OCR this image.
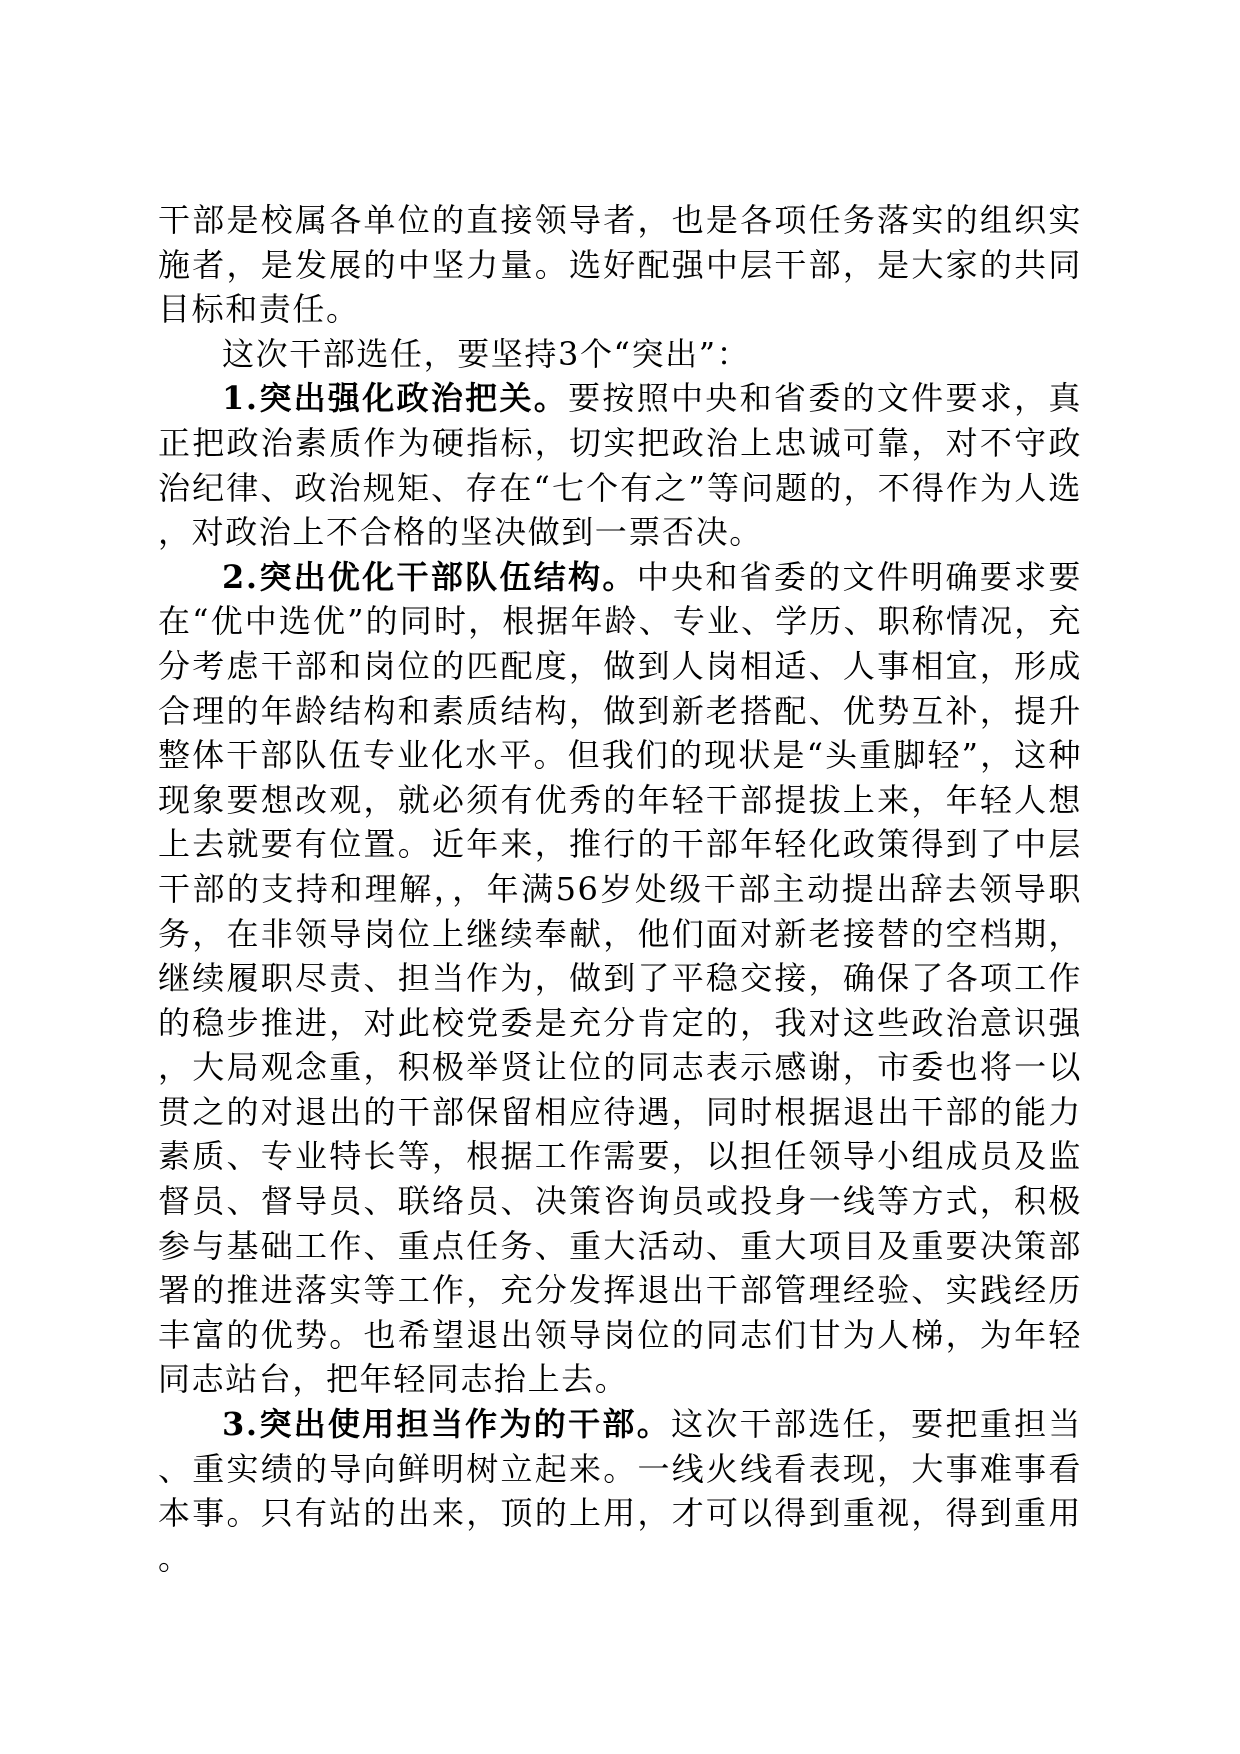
干部是校属各单位的直接领导者，也是各项任务落实的组织实施者，是发展的中坚力量。选好配强中层干部，是大家的共同目标和责任。

这次干部选任，要坚持3个“突出”：

1.突出强化政治把关。要按照中央和省委的文件要求，真正把政治素质作为硬指标，切实把政治上忠诚可靠，对不守政治纪律、政治规矩、存在“七个有之”等问题的，不得作为人选，对政治上不合格的坚决做到一票否决。

2.突出优化干部队伍结构。中央和省委的文件明确要求要在“优中选优”的同时，根据年龄、专业、学历、职称情况，充分考虑干部和岗位的匹配度，做到人岗相适、人事相宜，形成合理的年龄结构和素质结构，做到新老搭配、优势互补，提升整体干部队伍专业化水平。但我们的现状是“头重脚轻”，这种现象要想改观，就必须有优秀的年轻干部提拔上来，年轻人想上去就要有位置。近年来，推行的干部年轻化政策得到了中层干部的支持和理解，，年满56岁处级干部主动提出辞去领导职务，在非领导岗位上继续奉献，他们面对新老接替的空档期，继续履职尽责、担当作为，做到了平稳交接，确保了各项工作的稳步推进，对此校党委是充分肯定的，我对这些政治意识强，大局观念重，积极举贤让位的同志表示感谢，市委也将一以贯之的对退出的干部保留相应待遇，同时根据退出干部的能力素质、专业特长等，根据工作需要，以担任领导小组成员及监督员、督导员、联络员、决策咨询员或投身一线等方式，积极参与基础工作、重点任务、重大活动、重大项目及重要决策部署的推进落实等工作，充分发挥退出干部管理经验、实践经历丰富的优势。也希望退出领导岗位的同志们甘为人梯，为年轻同志站台，把年轻同志抬上去。

3.突出使用担当作为的干部。这次干部选任，要把重担当、重实绩的导向鲜明树立起来。一线火线看表现，大事难事看本事。只有站的出来，顶的上用，才可以得到重视，得到重用。
